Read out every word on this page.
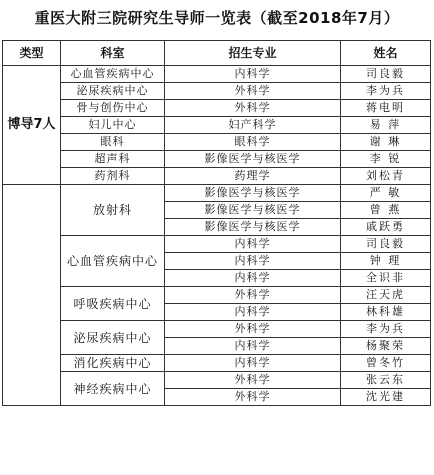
重医大附三院研究生导师一览表（截至2018年7月）
类型	科室	招生专业	姓名
博导7人	心血管疾病中心	内科学	司良毅
	泌尿疾病中心	外科学	李为兵
	骨与创伤中心	外科学	蒋电明
	妇儿中心	妇产科学	易 萍
	眼科	眼科学	谢 琳
	超声科	影像医学与核医学	李 锐
	药剂科	药理学	刘松青
	放射科	影像医学与核医学	严 敏
		影像医学与核医学	曾 燕
		影像医学与核医学	戚跃勇
	心血管疾病中心	内科学	司良毅
		内科学	钟 理
		内科学	全识非
	呼吸疾病中心	外科学	汪天虎
		内科学	林科雄
	泌尿疾病中心	外科学	李为兵
		内科学	杨聚荣
	消化疾病中心	内科学	曾冬竹
	神经疾病中心	外科学	张云东
		外科学	沈光建
